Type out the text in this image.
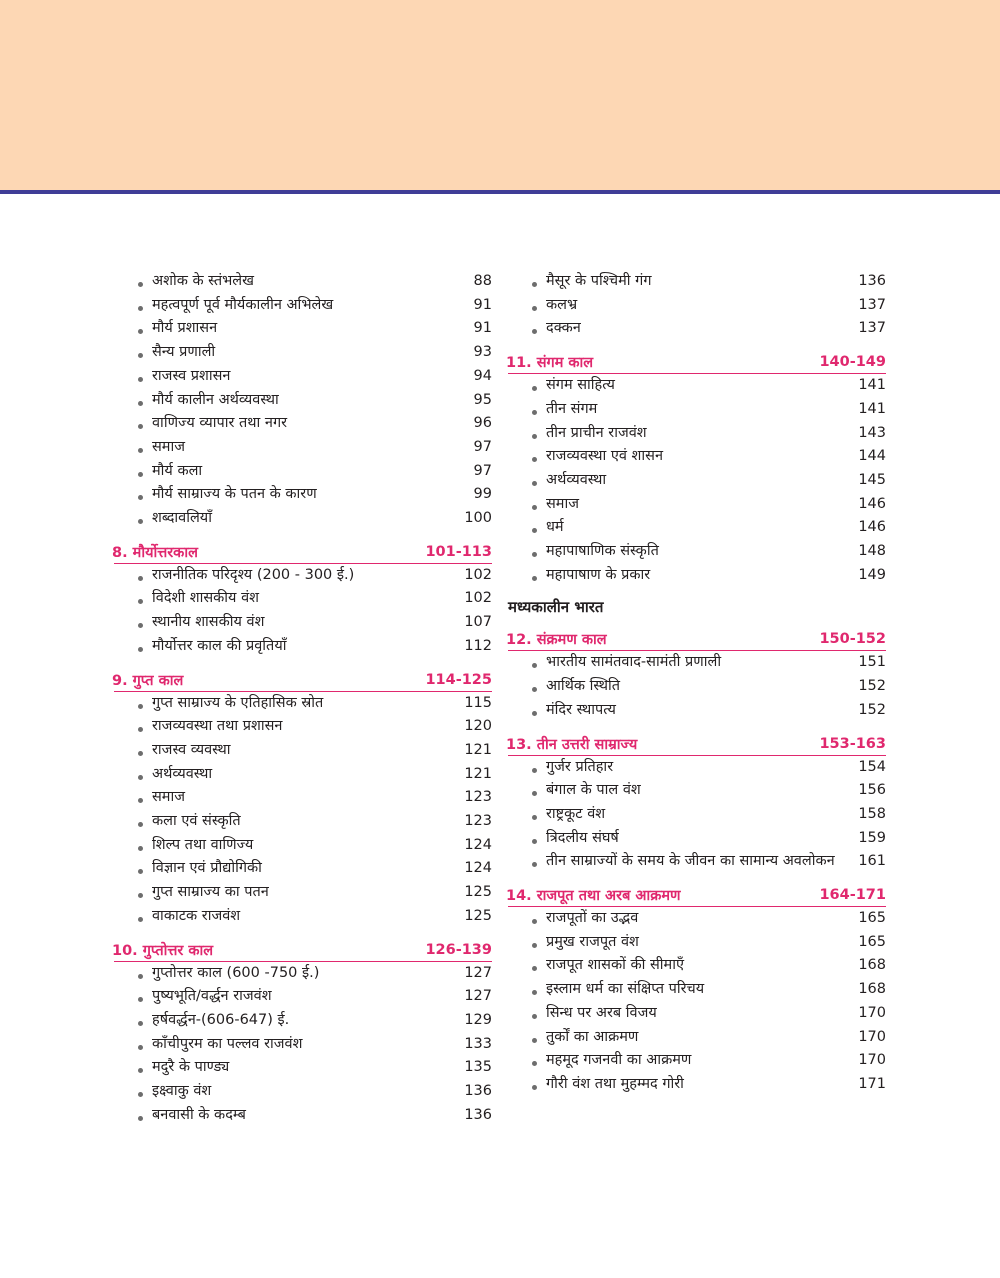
अशोक के स्तंभलेख	88
महत्वपूर्ण पूर्व मौर्यकालीन अभिलेख	91
मौर्य प्रशासन	91
सैन्य प्रणाली	93
राजस्व प्रशासन	94
मौर्य कालीन अर्थव्यवस्था	95
वाणिज्य व्यापार तथा नगर	96
समाज	97
मौर्य कला	97
मौर्य साम्राज्य के पतन के कारण	99
शब्दावलियाँ	100
8. मौर्योत्तरकाल	101-113
राजनीतिक परिदृश्य (200 - 300 ई.)	102
विदेशी शासकीय वंश	102
स्थानीय शासकीय वंश	107
मौर्योत्तर काल की प्रवृतियाँ	112
9. गुप्त काल	114-125
गुप्त साम्राज्य के एतिहासिक स्रोत	115
राजव्यवस्था तथा प्रशासन	120
राजस्व व्यवस्था	121
अर्थव्यवस्था	121
समाज	123
कला एवं संस्कृति	123
शिल्प तथा वाणिज्य	124
विज्ञान एवं प्रौद्योगिकी	124
गुप्त साम्राज्य का पतन	125
वाकाटक राजवंश	125
10. गुप्तोत्तर काल	126-139
गुप्तोत्तर काल (600 -750 ई.)	127
पुष्यभूति/वर्द्धन राजवंश	127
हर्षवर्द्धन-(606-647) ई.	129
काँचीपुरम का पल्लव राजवंश	133
मदुरै के पाण्ड्य	135
इक्ष्वाकु वंश	136
बनवासी के कदम्ब	136
मैसूर के पश्चिमी गंग	136
कलभ्र	137
दक्कन	137
11. संगम काल	140-149
संगम साहित्य	141
तीन संगम	141
तीन प्राचीन राजवंश	143
राजव्यवस्था एवं शासन	144
अर्थव्यवस्था	145
समाज	146
धर्म	146
महापाषाणिक संस्कृति	148
महापाषाण के प्रकार	149
मध्यकालीन भारत
12. संक्रमण काल	150-152
भारतीय सामंतवाद-सामंती प्रणाली	151
आर्थिक स्थिति	152
मंदिर स्थापत्य	152
13. तीन उत्तरी साम्राज्य	153-163
गुर्जर प्रतिहार	154
बंगाल के पाल वंश	156
राष्ट्रकूट वंश	158
त्रिदलीय संघर्ष	159
तीन साम्राज्यों के समय के जीवन का सामान्य अवलोकन	161
14. राजपूत तथा अरब आक्रमण	164-171
राजपूतों का उद्भव	165
प्रमुख राजपूत वंश	165
राजपूत शासकों की सीमाएँ	168
इस्लाम धर्म का संक्षिप्त परिचय	168
सिन्ध पर अरब विजय	170
तुर्कों का आक्रमण	170
महमूद गजनवी का आक्रमण	170
गौरी वंश तथा मुहम्मद गोरी	171
